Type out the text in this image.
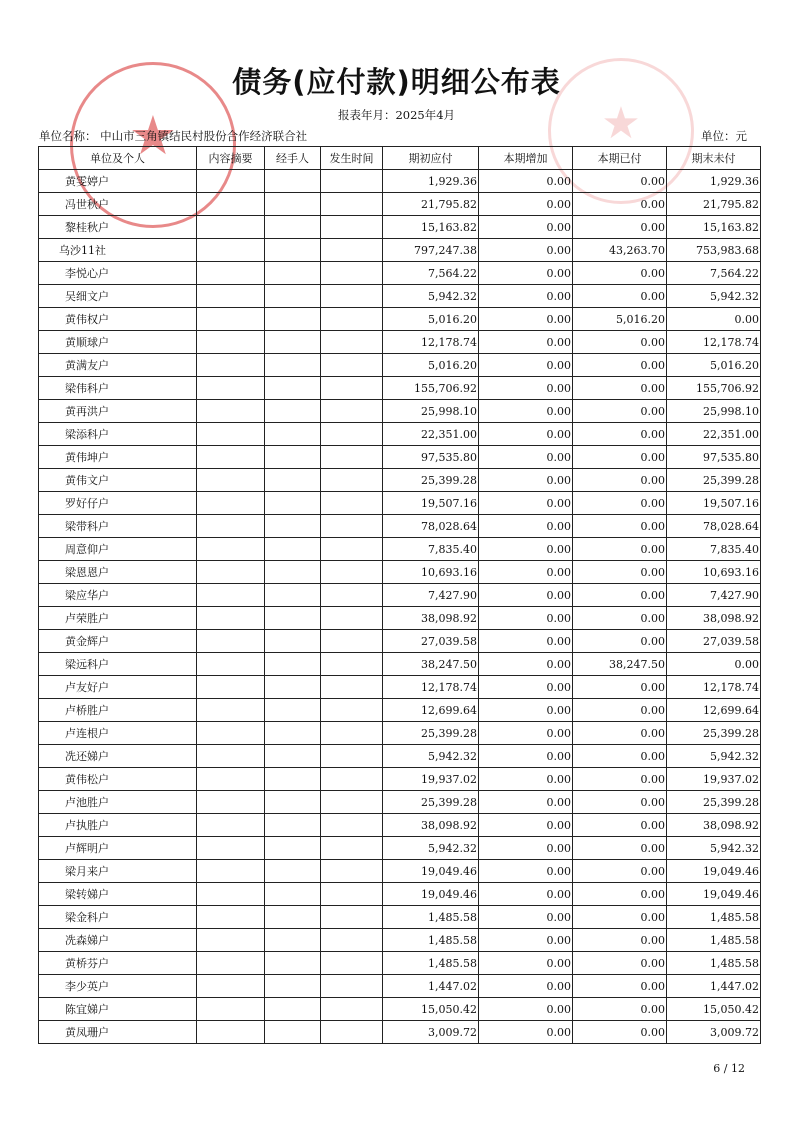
★	★
债务(应付款)明细公布表
报表年月：2025年4月
单位名称： 中山市三角镇结民村股份合作经济联合社	单位：元
单位及个人	内容摘要	经手人	发生时间	期初应付	本期增加	本期已付	期末未付
黄雯婷户				1,929.36	0.00	0.00	1,929.36
冯世秋户				21,795.82	0.00	0.00	21,795.82
黎桂秋户				15,163.82	0.00	0.00	15,163.82
乌沙11社				797,247.38	0.00	43,263.70	753,983.68
李悦心户				7,564.22	0.00	0.00	7,564.22
吴细文户				5,942.32	0.00	0.00	5,942.32
黄伟权户				5,016.20	0.00	5,016.20	0.00
黄顺球户				12,178.74	0.00	0.00	12,178.74
黄满友户				5,016.20	0.00	0.00	5,016.20
梁伟科户				155,706.92	0.00	0.00	155,706.92
黄再洪户				25,998.10	0.00	0.00	25,998.10
梁添科户				22,351.00	0.00	0.00	22,351.00
黄伟坤户				97,535.80	0.00	0.00	97,535.80
黄伟文户				25,399.28	0.00	0.00	25,399.28
罗好仔户				19,507.16	0.00	0.00	19,507.16
梁带科户				78,028.64	0.00	0.00	78,028.64
周意仰户				7,835.40	0.00	0.00	7,835.40
梁恩恩户				10,693.16	0.00	0.00	10,693.16
梁应华户				7,427.90	0.00	0.00	7,427.90
卢荣胜户				38,098.92	0.00	0.00	38,098.92
黄金辉户				27,039.58	0.00	0.00	27,039.58
梁远科户				38,247.50	0.00	38,247.50	0.00
卢友好户				12,178.74	0.00	0.00	12,178.74
卢桥胜户				12,699.64	0.00	0.00	12,699.64
卢连根户				25,399.28	0.00	0.00	25,399.28
冼还娣户				5,942.32	0.00	0.00	5,942.32
黄伟松户				19,937.02	0.00	0.00	19,937.02
卢池胜户				25,399.28	0.00	0.00	25,399.28
卢执胜户				38,098.92	0.00	0.00	38,098.92
卢辉明户				5,942.32	0.00	0.00	5,942.32
梁月来户				19,049.46	0.00	0.00	19,049.46
梁转娣户				19,049.46	0.00	0.00	19,049.46
梁金科户				1,485.58	0.00	0.00	1,485.58
冼森娣户				1,485.58	0.00	0.00	1,485.58
黄桥芬户				1,485.58	0.00	0.00	1,485.58
李少英户				1,447.02	0.00	0.00	1,447.02
陈宜娣户				15,050.42	0.00	0.00	15,050.42
黄凤珊户				3,009.72	0.00	0.00	3,009.72
6 / 12
